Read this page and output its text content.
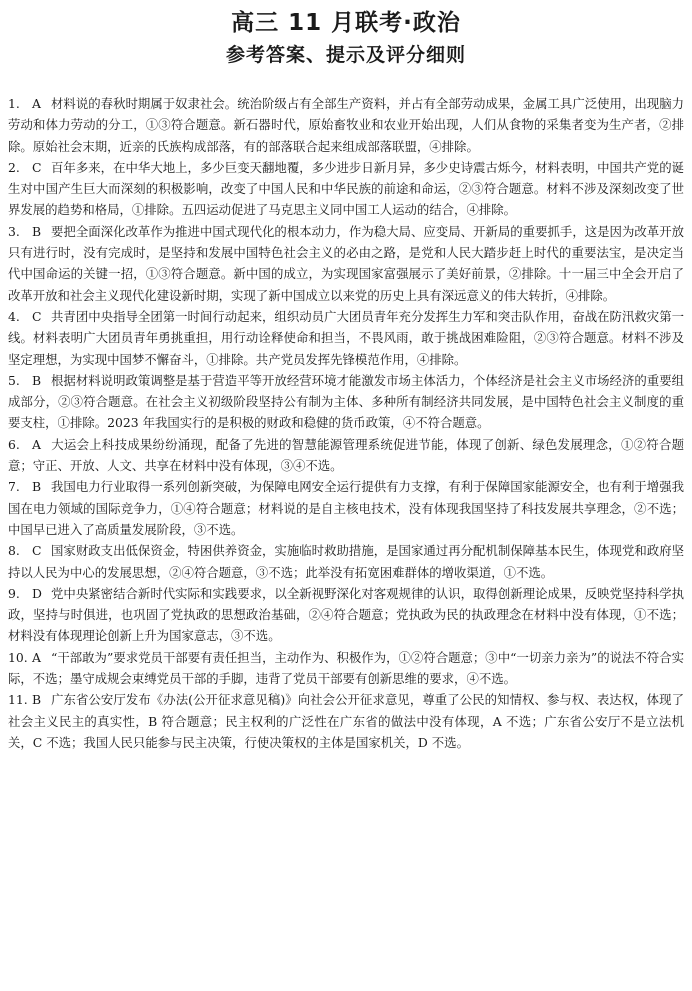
高三 11 月联考·政治
参考答案、提示及评分细则
1. A 材料说的春秋时期属于奴隶社会。统治阶级占有全部生产资料，并占有全部劳动成果，金属工具广泛使用，出现脑力劳动和体力劳动的分工，①③符合题意。新石器时代，原始畜牧业和农业开始出现，人们从食物的采集者变为生产者，②排除。原始社会末期，近亲的氏族构成部落，有的部落联合起来组成部落联盟，④排除。
2. C 百年多来，在中华大地上，多少巨变天翻地覆，多少进步日新月异，多少史诗震古烁今，材料表明，中国共产党的诞生对中国产生巨大而深刻的积极影响，改变了中国人民和中华民族的前途和命运，②③符合题意。材料不涉及深刻改变了世界发展的趋势和格局，①排除。五四运动促进了马克思主义同中国工人运动的结合，④排除。
3. B 要把全面深化改革作为推进中国式现代化的根本动力，作为稳大局、应变局、开新局的重要抓手，这是因为改革开放只有进行时，没有完成时，是坚持和发展中国特色社会主义的必由之路，是党和人民大踏步赶上时代的重要法宝，是决定当代中国命运的关键一招，①③符合题意。新中国的成立，为实现国家富强展示了美好前景，②排除。十一届三中全会开启了改革开放和社会主义现代化建设新时期，实现了新中国成立以来党的历史上具有深远意义的伟大转折，④排除。
4. C 共青团中央指导全团第一时间行动起来，组织动员广大团员青年充分发挥生力军和突击队作用，奋战在防汛救灾第一线。材料表明广大团员青年勇挑重担，用行动诠释使命和担当，不畏风雨，敢于挑战困难险阻，②③符合题意。材料不涉及坚定理想，为实现中国梦不懈奋斗，①排除。共产党员发挥先锋模范作用，④排除。
5. B 根据材料说明政策调整是基于营造平等开放经营环境才能激发市场主体活力，个体经济是社会主义市场经济的重要组成部分，②③符合题意。在社会主义初级阶段坚持公有制为主体、多种所有制经济共同发展，是中国特色社会主义制度的重要支柱，①排除。2023 年我国实行的是积极的财政和稳健的货币政策，④不符合题意。
6. A 大运会上科技成果纷纷涌现，配备了先进的智慧能源管理系统促进节能，体现了创新、绿色发展理念，①②符合题意；守正、开放、人文、共享在材料中没有体现，③④不选。
7. B 我国电力行业取得一系列创新突破，为保障电网安全运行提供有力支撑，有利于保障国家能源安全，也有利于增强我国在电力领域的国际竞争力，①④符合题意；材料说的是自主核电技术，没有体现我国坚持了科技发展共享理念，②不选；中国早已进入了高质量发展阶段，③不选。
8. C 国家财政支出低保资金，特困供养资金，实施临时救助措施，是国家通过再分配机制保障基本民生，体现党和政府坚持以人民为中心的发展思想，②④符合题意，③不选；此举没有拓宽困难群体的增收渠道，①不选。
9. D 党中央紧密结合新时代实际和实践要求，以全新视野深化对客观规律的认识，取得创新理论成果，反映党坚持科学执政，坚持与时俱进，也巩固了党执政的思想政治基础，②④符合题意；党执政为民的执政理念在材料中没有体现，①不选；材料没有体现理论创新上升为国家意志，③不选。
10. A “干部敢为”要求党员干部要有责任担当，主动作为、积极作为，①②符合题意；③中“一切亲力亲为”的说法不符合实际，不选；墨守成规会束缚党员干部的手脚，违背了党员干部要有创新思维的要求，④不选。
11. B 广东省公安厅发布《办法(公开征求意见稿)》向社会公开征求意见，尊重了公民的知情权、参与权、表达权，体现了社会主义民主的真实性，B 符合题意；民主权利的广泛性在广东省的做法中没有体现，A 不选；广东省公安厅不是立法机关，C 不选；我国人民只能参与民主决策，行使决策权的主体是国家机关，D 不选。
